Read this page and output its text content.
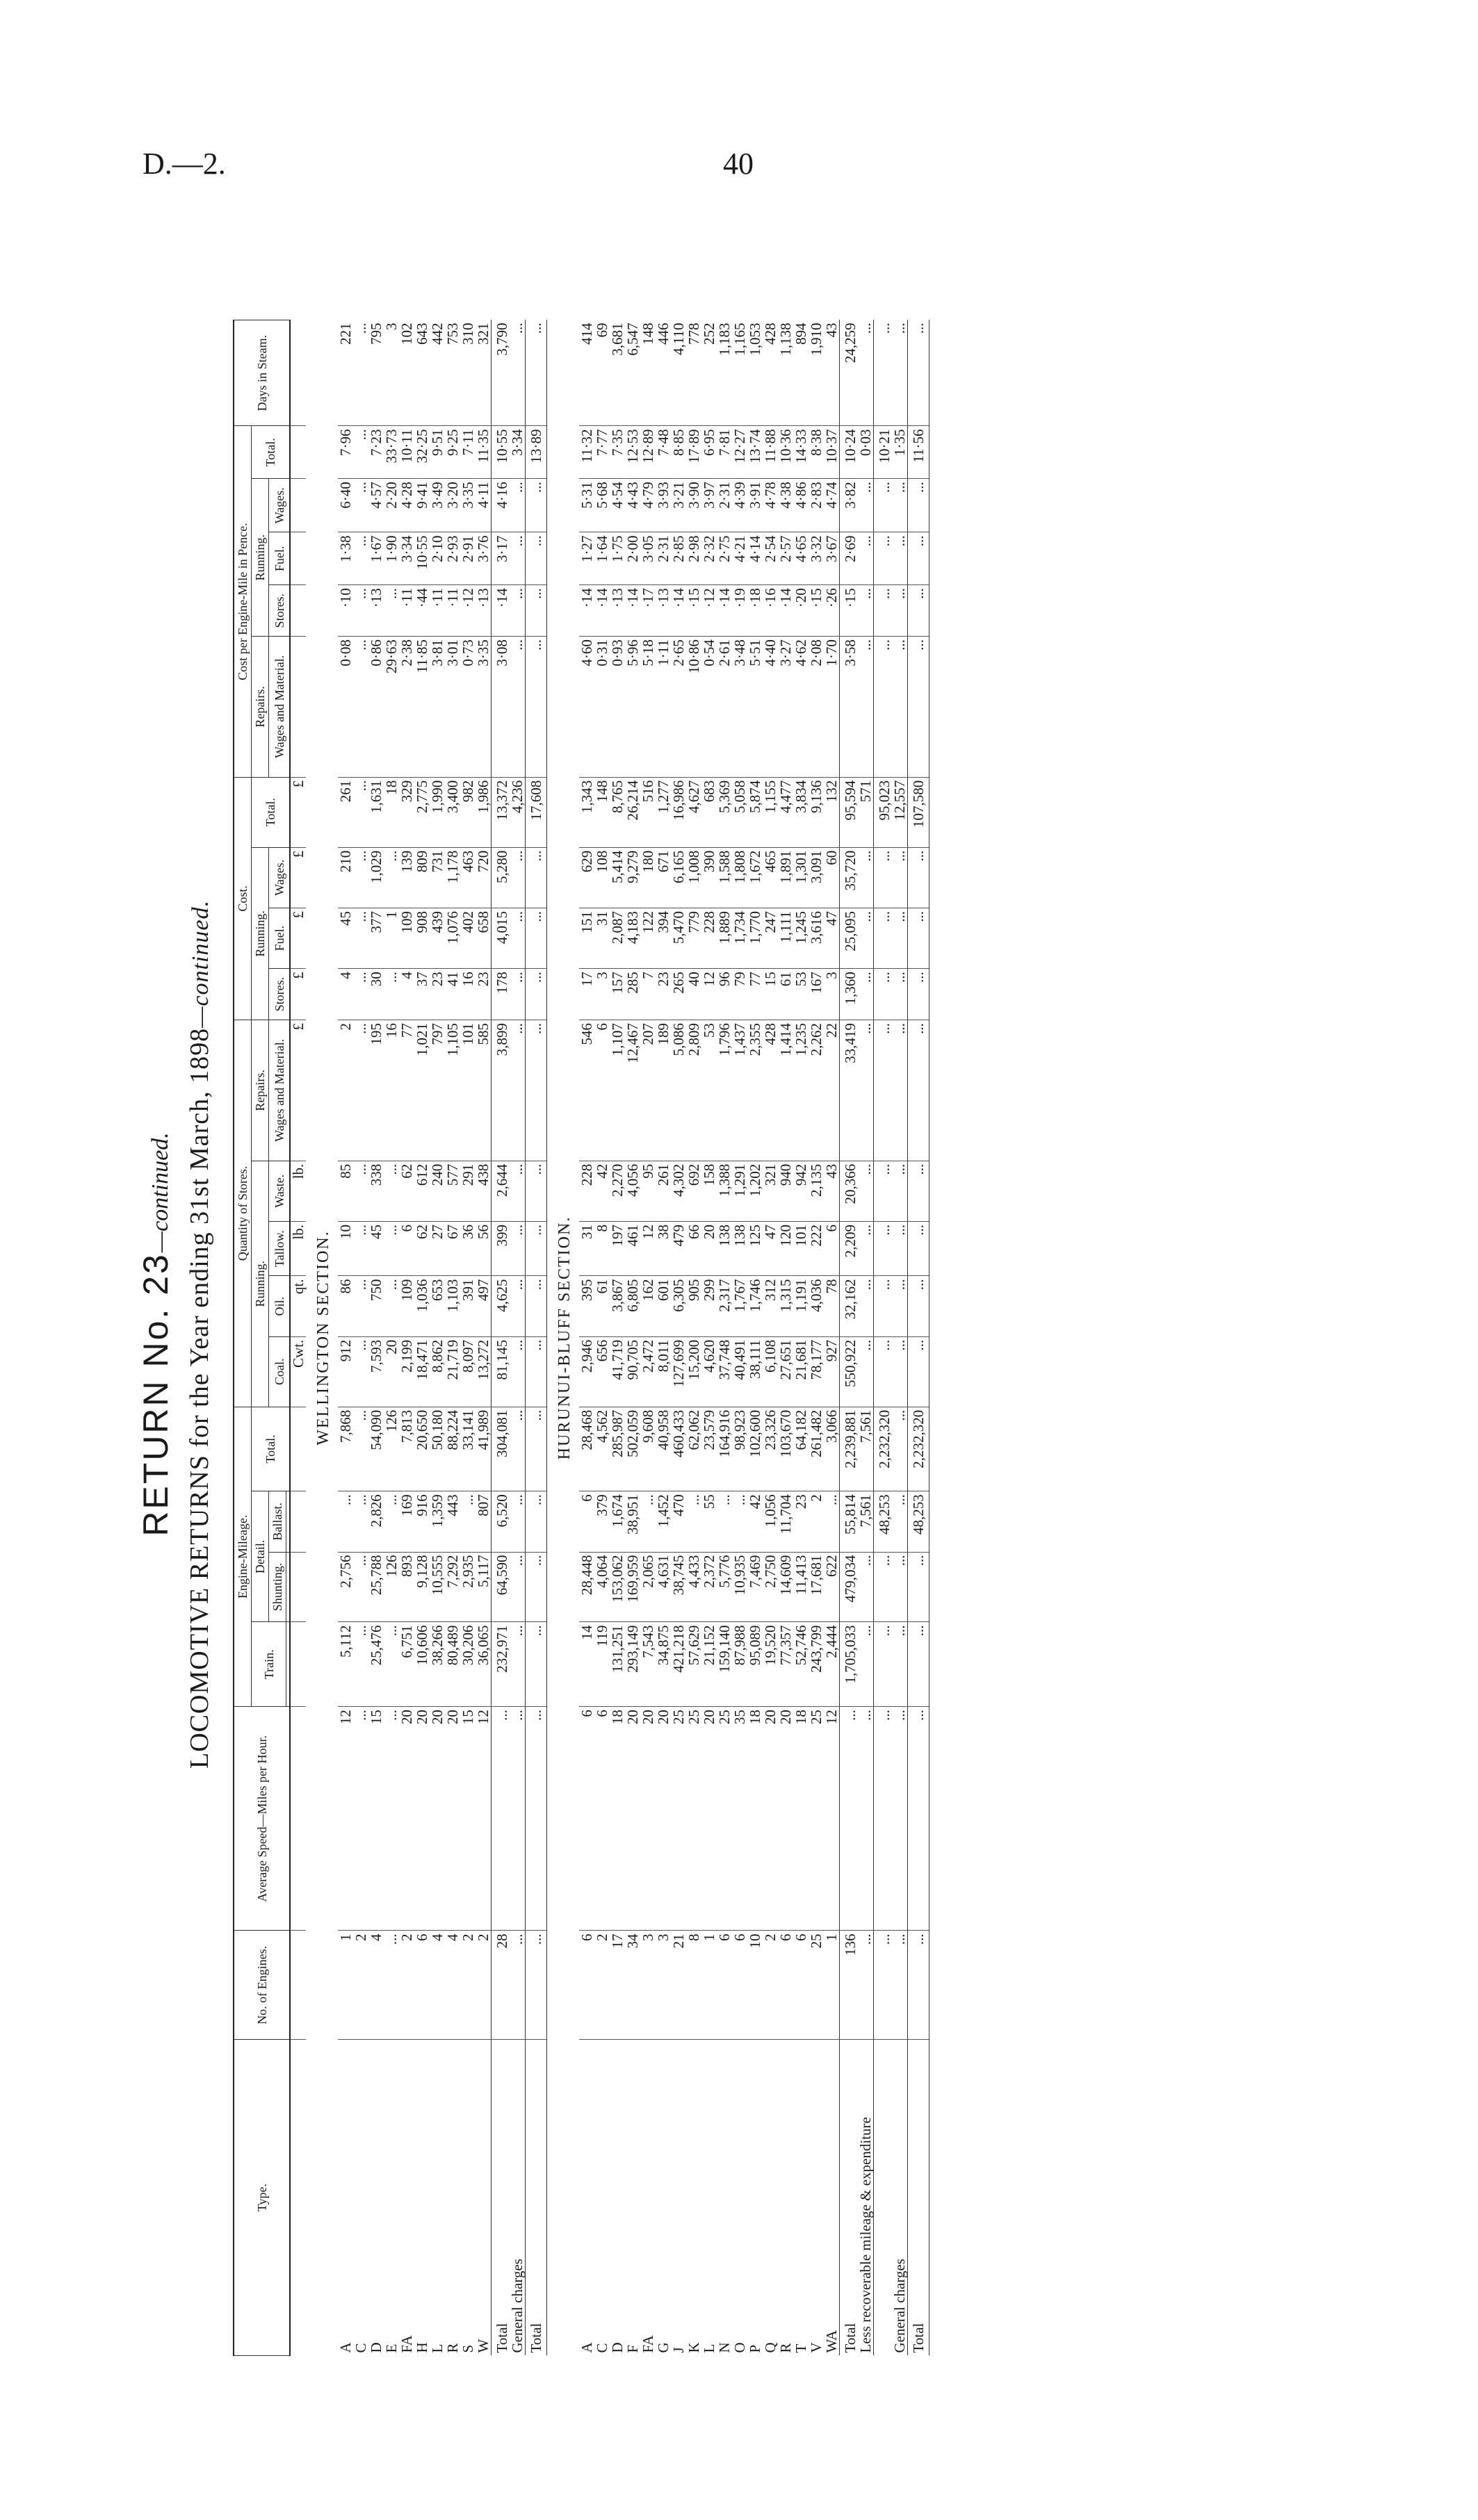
D.—2.	40
RETURN No. 23—continued. LOCOMOTIVE RETURNS for the Year ending 31st March, 1898—continued.
Type.	No. of Engines.	Average Speed—Miles per Hour.	Engine-Mileage.				Quantity of Stores.					Cost.				Cost per Engine-Mile in Pence.					Days in Steam.
			Train.	Detail.		Total.	Running.				Repairs.	Running.			Total.	Repairs.	Running.			Total.	
				Shunting.	Ballast.		Coal.	Oil.	Tallow.	Waste.	Wages and Material.	Stores.	Fuel.	Wages.		Wages and Material.	Stores.	Fuel.	Wages.		

							Cwt.	qt.	lb.	lb.	£	£	£	£	£						
WELLINGTON SECTION.																					
A	1	12	5,112	2,756	...	7,868	912	86	10	85	2	4	45	210	261	0·08	·10	1·38	6·40	7·96	221
C	2	...	...	...	...	...	...	...	...	...	...	...	...	...	...	...	...	...	...	...	...
D	4	15	25,476	25,788	2,826	54,090	7,593	750	45	338	195	30	377	1,029	1,631	0·86	·13	1·67	4·57	7·23	795
E	...	...	...	126	...	126	20	...	...	...	16	...	1	...	18	29·63	...	1·90	2·20	33·73	3
FA	2	20	6,751	893	169	7,813	2,199	109	6	62	77	4	109	139	329	2·38	·11	3·34	4·28	10·11	102
H	6	20	10,606	9,128	916	20,650	18,471	1,036	62	612	1,021	37	908	809	2,775	11·85	·44	10·55	9·41	32·25	643
L	4	20	38,266	10,555	1,359	50,180	8,862	653	27	240	797	23	439	731	1,990	3·81	·11	2·10	3·49	9·51	442
R	4	20	80,489	7,292	443	88,224	21,719	1,103	67	577	1,105	41	1,076	1,178	3,400	3·01	·11	2·93	3·20	9·25	753
S	2	15	30,206	2,935	...	33,141	8,097	391	36	291	101	16	402	463	982	0·73	·12	2·91	3·35	7·11	310
W	2	12	36,065	5,117	807	41,989	13,272	497	56	438	585	23	658	720	1,986	3·35	·13	3·76	4·11	11·35	321
Total	28	...	232,971	64,590	6,520	304,081	81,145	4,625	399	2,644	3,899	178	4,015	5,280	13,372	3·08	·14	3·17	4·16	10·55	3,790
General charges	...	...	...	...	...	...	...	...	...	...	...	...	...	...	4,236	...	...	...	...	3·34	...
Total	...	...	...	...	...	...	...	...	...	...	...	...	...	...	17,608	...	...	...	...	13·89	...
HURUNUI-BLUFF SECTION.																					
A	6	6	14	28,448	6	28,468	2,946	395	31	228	546	17	151	629	1,343	4·60	·14	1·27	5·31	11·32	414
C	2	6	119	4,064	379	4,562	656	61	8	42	6	3	31	108	148	0·31	·14	1·64	5·68	7·77	69
D	17	18	131,251	153,062	1,674	285,987	41,719	3,867	197	2,270	1,107	157	2,087	5,414	8,765	0·93	·13	1·75	4·54	7·35	3,681
F	34	20	293,149	169,959	38,951	502,059	90,705	6,805	461	4,056	12,467	285	4,183	9,279	26,214	5·96	·14	2·00	4·43	12·53	6,547
FA	3	20	7,543	2,065	...	9,608	2,472	162	12	95	207	7	122	180	516	5·18	·17	3·05	4·79	12·89	148
G	3	20	34,875	4,631	1,452	40,958	8,011	601	38	261	189	23	394	671	1,277	1·11	·13	2·31	3·93	7·48	446
J	21	25	421,218	38,745	470	460,433	127,699	6,305	479	4,302	5,086	265	5,470	6,165	16,986	2·65	·14	2·85	3·21	8·85	4,110
K	8	25	57,629	4,433	...	62,062	15,200	905	66	692	2,809	40	779	1,008	4,627	10·86	·15	2·98	3·90	17·89	778
L	1	20	21,152	2,372	55	23,579	4,620	299	20	158	53	12	228	390	683	0·54	·12	2·32	3·97	6·95	252
N	6	25	159,140	5,776	...	164,916	37,748	2,317	138	1,388	1,796	96	1,889	1,588	5,369	2·61	·14	2·75	2·31	7·81	1,183
O	6	35	87,988	10,935	...	98,923	40,491	1,767	138	1,291	1,437	79	1,734	1,808	5,058	3·48	·19	4·21	4·39	12·27	1,165
P	10	18	95,089	7,469	42	102,600	38,111	1,746	125	1,202	2,355	77	1,770	1,672	5,874	5·51	·18	4·14	3·91	13·74	1,053
Q	2	20	19,520	2,750	1,056	23,326	6,108	312	47	321	428	15	247	465	1,155	4·40	·16	2·54	4·78	11·88	428
R	6	20	77,357	14,609	11,704	103,670	27,651	1,315	120	940	1,414	61	1,111	1,891	4,477	3·27	·14	2·57	4·38	10·36	1,138
T	6	18	52,746	11,413	23	64,182	21,681	1,191	101	942	1,235	53	1,245	1,301	3,834	4·62	·20	4·65	4·86	14·33	894
V	25	25	243,799	17,681	2	261,482	78,177	4,036	222	2,135	2,262	167	3,616	3,091	9,136	2·08	·15	3·32	2·83	8·38	1,910
WA	1	12	2,444	622	...	3,066	927	78	6	43	22	3	47	60	132	1·70	·26	3·67	4·74	10·37	43
Total	136	...	1,705,033	479,034	55,814	2,239,881	550,922	32,162	2,209	20,366	33,419	1,360	25,095	35,720	95,594	3·58	·15	2·69	3·82	10·24	24,259
Less recoverable mileage & expenditure	...	...	...	...	7,561	7,561	...	...	...	...	...	...	...	...	571	...	...	...	...	0·03	...
	...	...	...	...	48,253	2,232,320	...	...	...	...	...	...	...	...	95,023	...	...	...	...	10·21	...
General charges	...	...	...	...	...	...	...	...	...	...	...	...	...	...	12,557	...	...	...	...	1·35	...
Total	...	...	...	...	48,253	2,232,320	...	...	...	...	...	...	...	...	107,580	...	...	...	...	11·56	...
